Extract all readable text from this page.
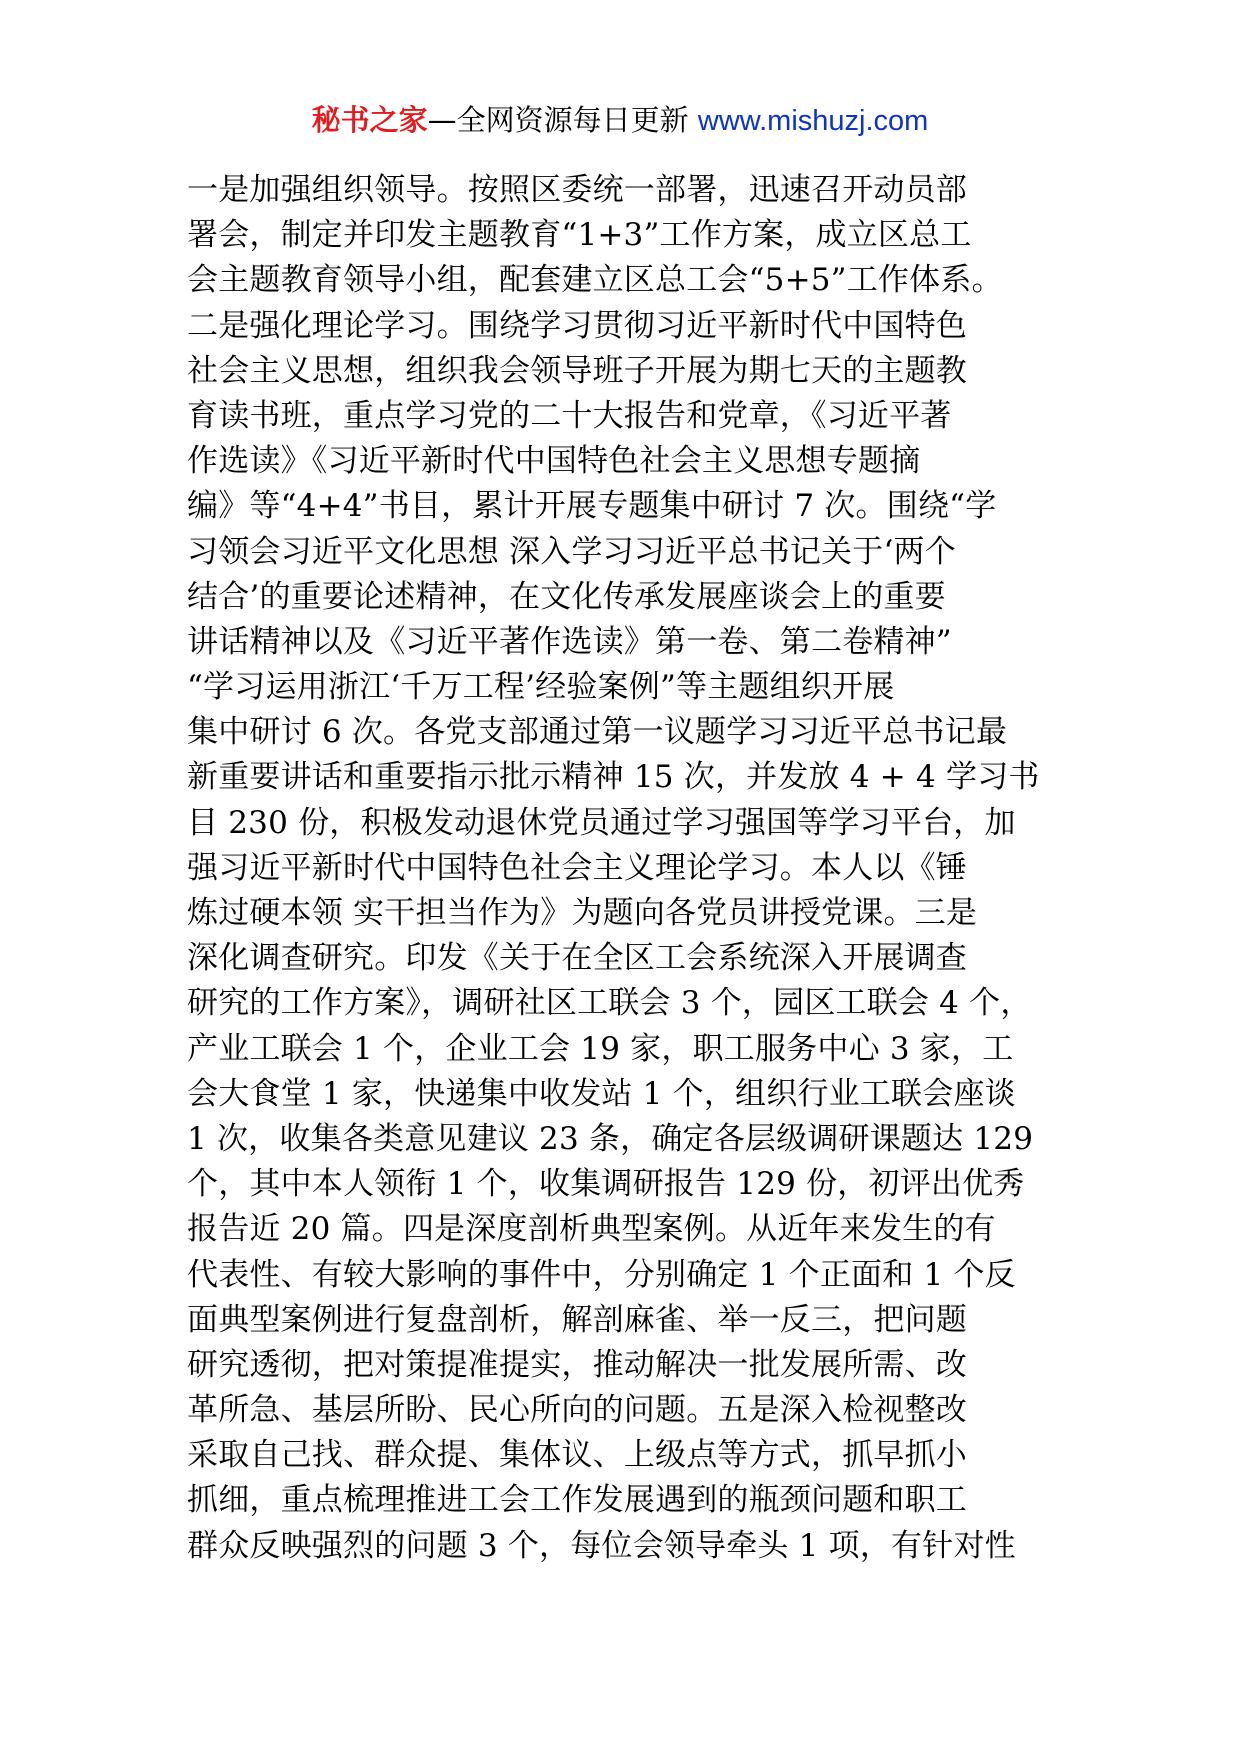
秘书之家—全网资源每日更新 www.mishuzj.com
一是加强组织领导。按照区委统一部署，迅速召开动员部
署会，制定并印发主题教育“1+3”工作方案，成立区总工
会主题教育领导小组，配套建立区总工会“5+5”工作体系。
二是强化理论学习。围绕学习贯彻习近平新时代中国特色
社会主义思想，组织我会领导班子开展为期七天的主题教
育读书班，重点学习党的二十大报告和党章，《习近平著
作选读》《习近平新时代中国特色社会主义思想专题摘
编》等“4+4”书目，累计开展专题集中研讨 7 次。围绕“学
习领会习近平文化思想 深入学习习近平总书记关于‘两个
结合’的重要论述精神，在文化传承发展座谈会上的重要
讲话精神以及《习近平著作选读》第一卷、第二卷精神”
“学习运用浙江‘千万工程’经验案例”等主题组织开展
集中研讨 6 次。各党支部通过第一议题学习习近平总书记最
新重要讲话和重要指示批示精神 15 次，并发放 4 + 4 学习书
目 230 份，积极发动退休党员通过学习强国等学习平台，加
强习近平新时代中国特色社会主义理论学习。本人以《锤
炼过硬本领 实干担当作为》为题向各党员讲授党课。三是
深化调查研究。印发《关于在全区工会系统深入开展调查
研究的工作方案》，调研社区工联会 3 个，园区工联会 4 个，
产业工联会 1 个，企业工会 19 家，职工服务中心 3 家，工
会大食堂 1 家，快递集中收发站 1 个，组织行业工联会座谈
1 次，收集各类意见建议 23 条，确定各层级调研课题达 129
个，其中本人领衔 1 个，收集调研报告 129 份，初评出优秀
报告近 20 篇。四是深度剖析典型案例。从近年来发生的有
代表性、有较大影响的事件中，分别确定 1 个正面和 1 个反
面典型案例进行复盘剖析，解剖麻雀、举一反三，把问题
研究透彻，把对策提准提实，推动解决一批发展所需、改
革所急、基层所盼、民心所向的问题。五是深入检视整改
采取自己找、群众提、集体议、上级点等方式，抓早抓小
抓细，重点梳理推进工会工作发展遇到的瓶颈问题和职工
群众反映强烈的问题 3 个，每位会领导牵头 1 项，有针对性
